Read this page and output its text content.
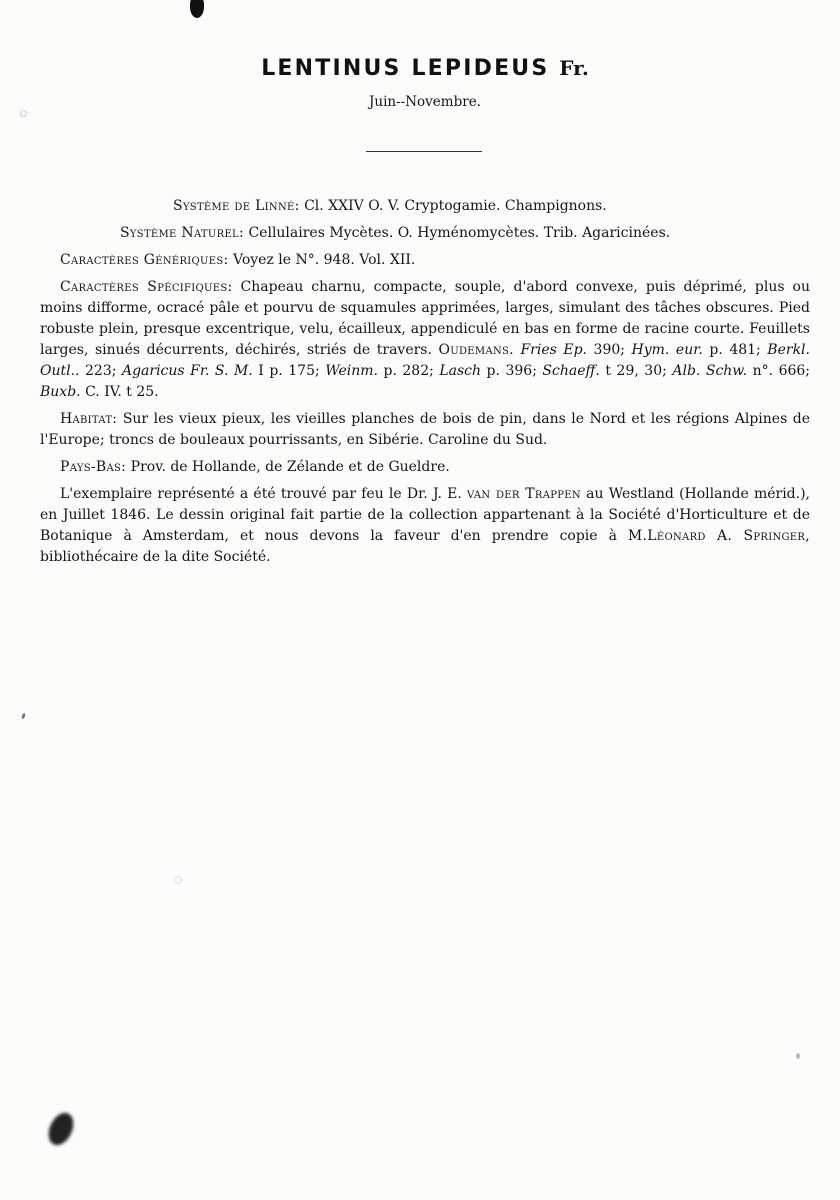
LENTINUS LEPIDEUS Fr.
Juin--Novembre.

Système de Linné: Cl. XXIV O. V. Cryptogamie. Champignons.

Système Naturel: Cellulaires Mycètes. O. Hyménomycètes. Trib. Agaricinées.

Caractères Génériques: Voyez le N°. 948. Vol. XII.

Caractères Spécifiques: Chapeau charnu, compacte, souple, d'abord convexe, puis déprimé, plus ou moins difforme, ocracé pâle et pourvu de squamules apprimées, larges, simulant des tâches obscures. Pied robuste plein, presque excentrique, velu, écailleux, appendiculé en bas en forme de racine courte. Feuillets larges, sinués décurrents, déchirés, striés de travers. Oudemans. Fries Ep. 390; Hym. eur. p. 481; Berkl. Outl.. 223; Agaricus Fr. S. M. I p. 175; Weinm. p. 282; Lasch p. 396; Schaeff. t 29, 30; Alb. Schw. n°. 666; Buxb. C. IV. t 25.

Habitat: Sur les vieux pieux, les vieilles planches de bois de pin, dans le Nord et les régions Alpines de l'Europe; troncs de bouleaux pourrissants, en Sibérie. Caroline du Sud.

Pays-Bas: Prov. de Hollande, de Zélande et de Gueldre.

L'exemplaire représenté a été trouvé par feu le Dr. J. E. van der Trappen au Westland (Hollande mérid.), en Juillet 1846. Le dessin original fait partie de la collection appartenant à la Société d'Horticulture et de Botanique à Amsterdam, et nous devons la faveur d'en prendre copie à M.Léonard A. Springer, bibliothécaire de la dite Société.
